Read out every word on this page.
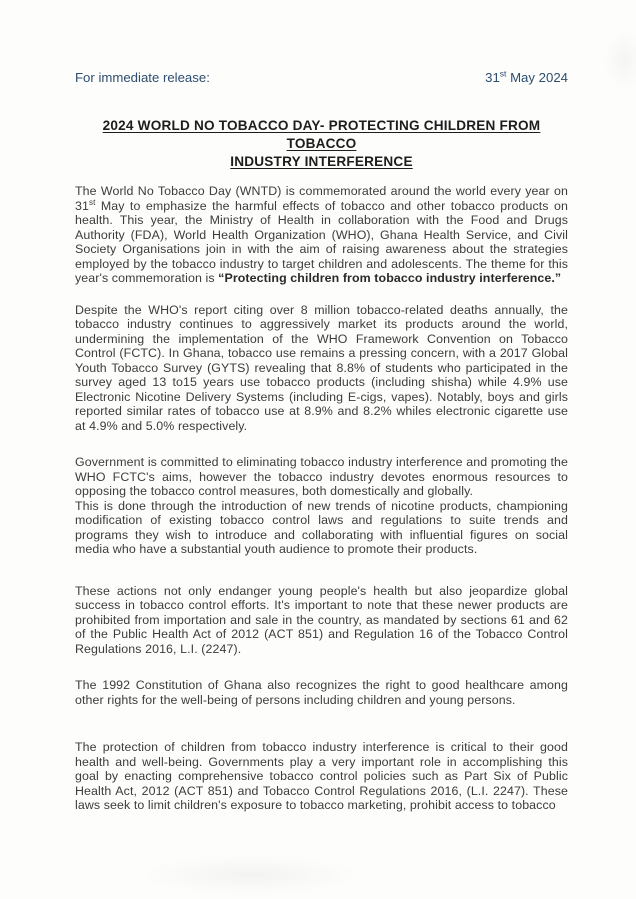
For immediate release:	31st May 2024
2024 WORLD NO TOBACCO DAY- PROTECTING CHILDREN FROM TOBACCO
INDUSTRY INTERFERENCE

The World No Tobacco Day (WNTD) is commemorated around the world every year on 31st May to emphasize the harmful effects of tobacco and other tobacco products on health. This year, the Ministry of Health in collaboration with the Food and Drugs Authority (FDA), World Health Organization (WHO), Ghana Health Service, and Civil Society Organisations join in with the aim of raising awareness about the strategies employed by the tobacco industry to target children and adolescents. The theme for this year's commemoration is “Protecting children from tobacco industry interference.”

Despite the WHO's report citing over 8 million tobacco-related deaths annually, the tobacco industry continues to aggressively market its products around the world, undermining the implementation of the WHO Framework Convention on Tobacco Control (FCTC). In Ghana, tobacco use remains a pressing concern, with a 2017 Global Youth Tobacco Survey (GYTS) revealing that 8.8% of students who participated in the survey aged 13 to15 years use tobacco products (including shisha) while 4.9% use Electronic Nicotine Delivery Systems (including E-cigs, vapes). Notably, boys and girls reported similar rates of tobacco use at 8.9% and 8.2% whiles electronic cigarette use at 4.9% and 5.0% respectively.

Government is committed to eliminating tobacco industry interference and promoting the WHO FCTC's aims, however the tobacco industry devotes enormous resources to opposing the tobacco control measures, both domestically and globally.
This is done through the introduction of new trends of nicotine products, championing modification of existing tobacco control laws and regulations to suite trends and programs they wish to introduce and collaborating with influential figures on social media who have a substantial youth audience to promote their products.

These actions not only endanger young people's health but also jeopardize global success in tobacco control efforts. It's important to note that these newer products are prohibited from importation and sale in the country, as mandated by sections 61 and 62 of the Public Health Act of 2012 (ACT 851) and Regulation 16 of the Tobacco Control Regulations 2016, L.I. (2247).

The 1992 Constitution of Ghana also recognizes the right to good healthcare among other rights for the well-being of persons including children and young persons.

The protection of children from tobacco industry interference is critical to their good health and well-being. Governments play a very important role in accomplishing this goal by enacting comprehensive tobacco control policies such as Part Six of Public Health Act, 2012 (ACT 851) and Tobacco Control Regulations 2016, (L.I. 2247). These laws seek to limit children's exposure to tobacco marketing, prohibit access to tobacco
